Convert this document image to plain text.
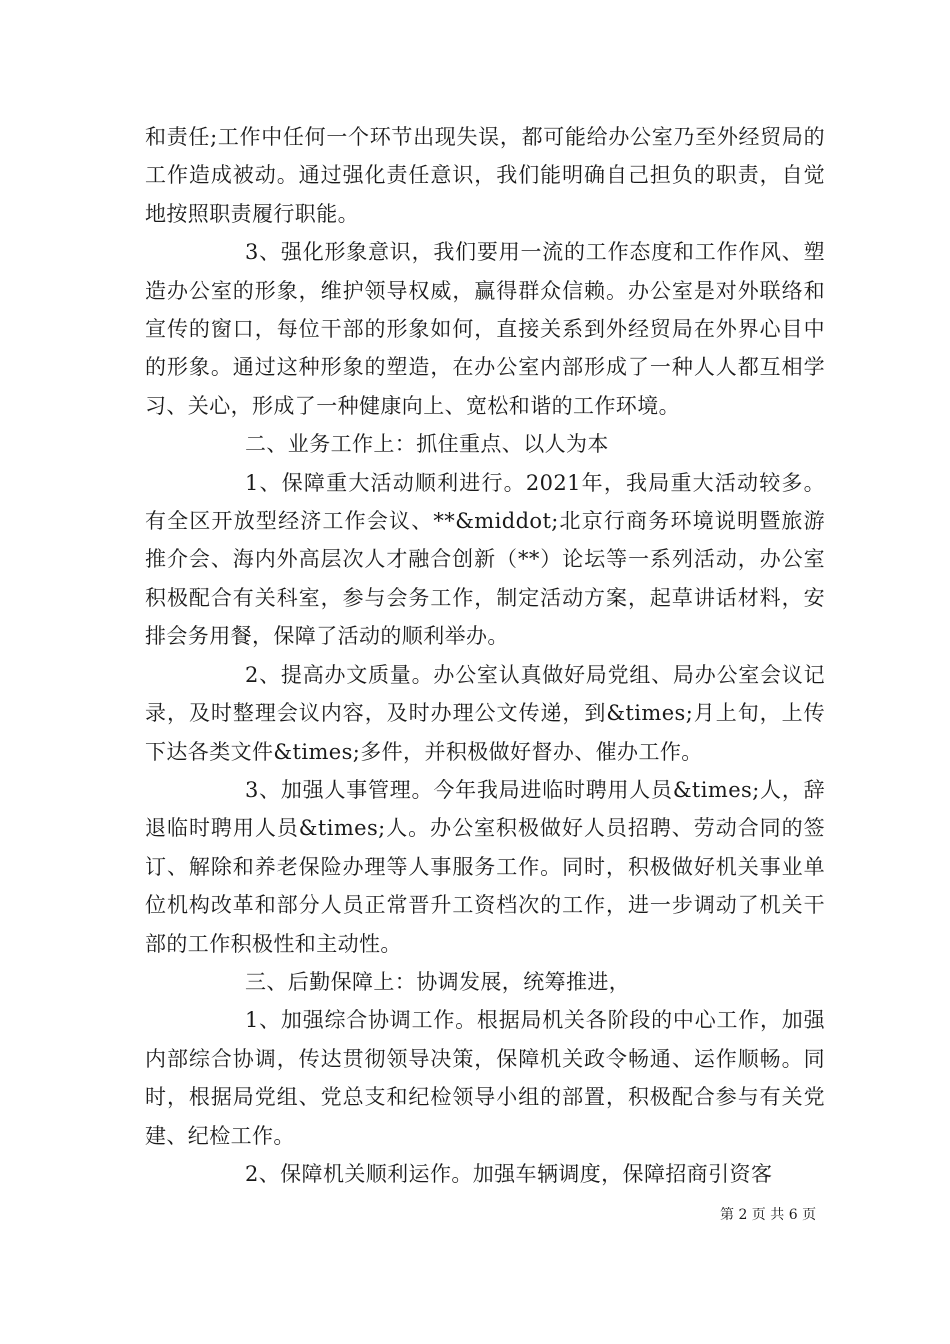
和责任;工作中任何一个环节出现失误，都可能给办公室乃至外经贸局的工作造成被动。通过强化责任意识，我们能明确自己担负的职责，自觉地按照职责履行职能。

3、强化形象意识，我们要用一流的工作态度和工作作风、塑造办公室的形象，维护领导权威，赢得群众信赖。办公室是对外联络和宣传的窗口，每位干部的形象如何，直接关系到外经贸局在外界心目中的形象。通过这种形象的塑造，在办公室内部形成了一种人人都互相学习、关心，形成了一种健康向上、宽松和谐的工作环境。

二、业务工作上：抓住重点、以人为本

1、保障重大活动顺利进行。2021年，我局重大活动较多。有全区开放型经济工作会议、**&middot;北京行商务环境说明暨旅游推介会、海内外高层次人才融合创新（**）论坛等一系列活动，办公室积极配合有关科室，参与会务工作，制定活动方案，起草讲话材料，安排会务用餐，保障了活动的顺利举办。

2、提高办文质量。办公室认真做好局党组、局办公室会议记录，及时整理会议内容，及时办理公文传递，到&times;月上旬，上传下达各类文件&times;多件，并积极做好督办、催办工作。

3、加强人事管理。今年我局进临时聘用人员&times;人，辞退临时聘用人员&times;人。办公室积极做好人员招聘、劳动合同的签订、解除和养老保险办理等人事服务工作。同时，积极做好机关事业单位机构改革和部分人员正常晋升工资档次的工作，进一步调动了机关干部的工作积极性和主动性。

三、后勤保障上：协调发展，统筹推进，

1、加强综合协调工作。根据局机关各阶段的中心工作，加强内部综合协调，传达贯彻领导决策，保障机关政令畅通、运作顺畅。同时，根据局党组、党总支和纪检领导小组的部置，积极配合参与有关党建、纪检工作。

2、保障机关顺利运作。加强车辆调度，保障招商引资客

第 2 页 共 6 页
